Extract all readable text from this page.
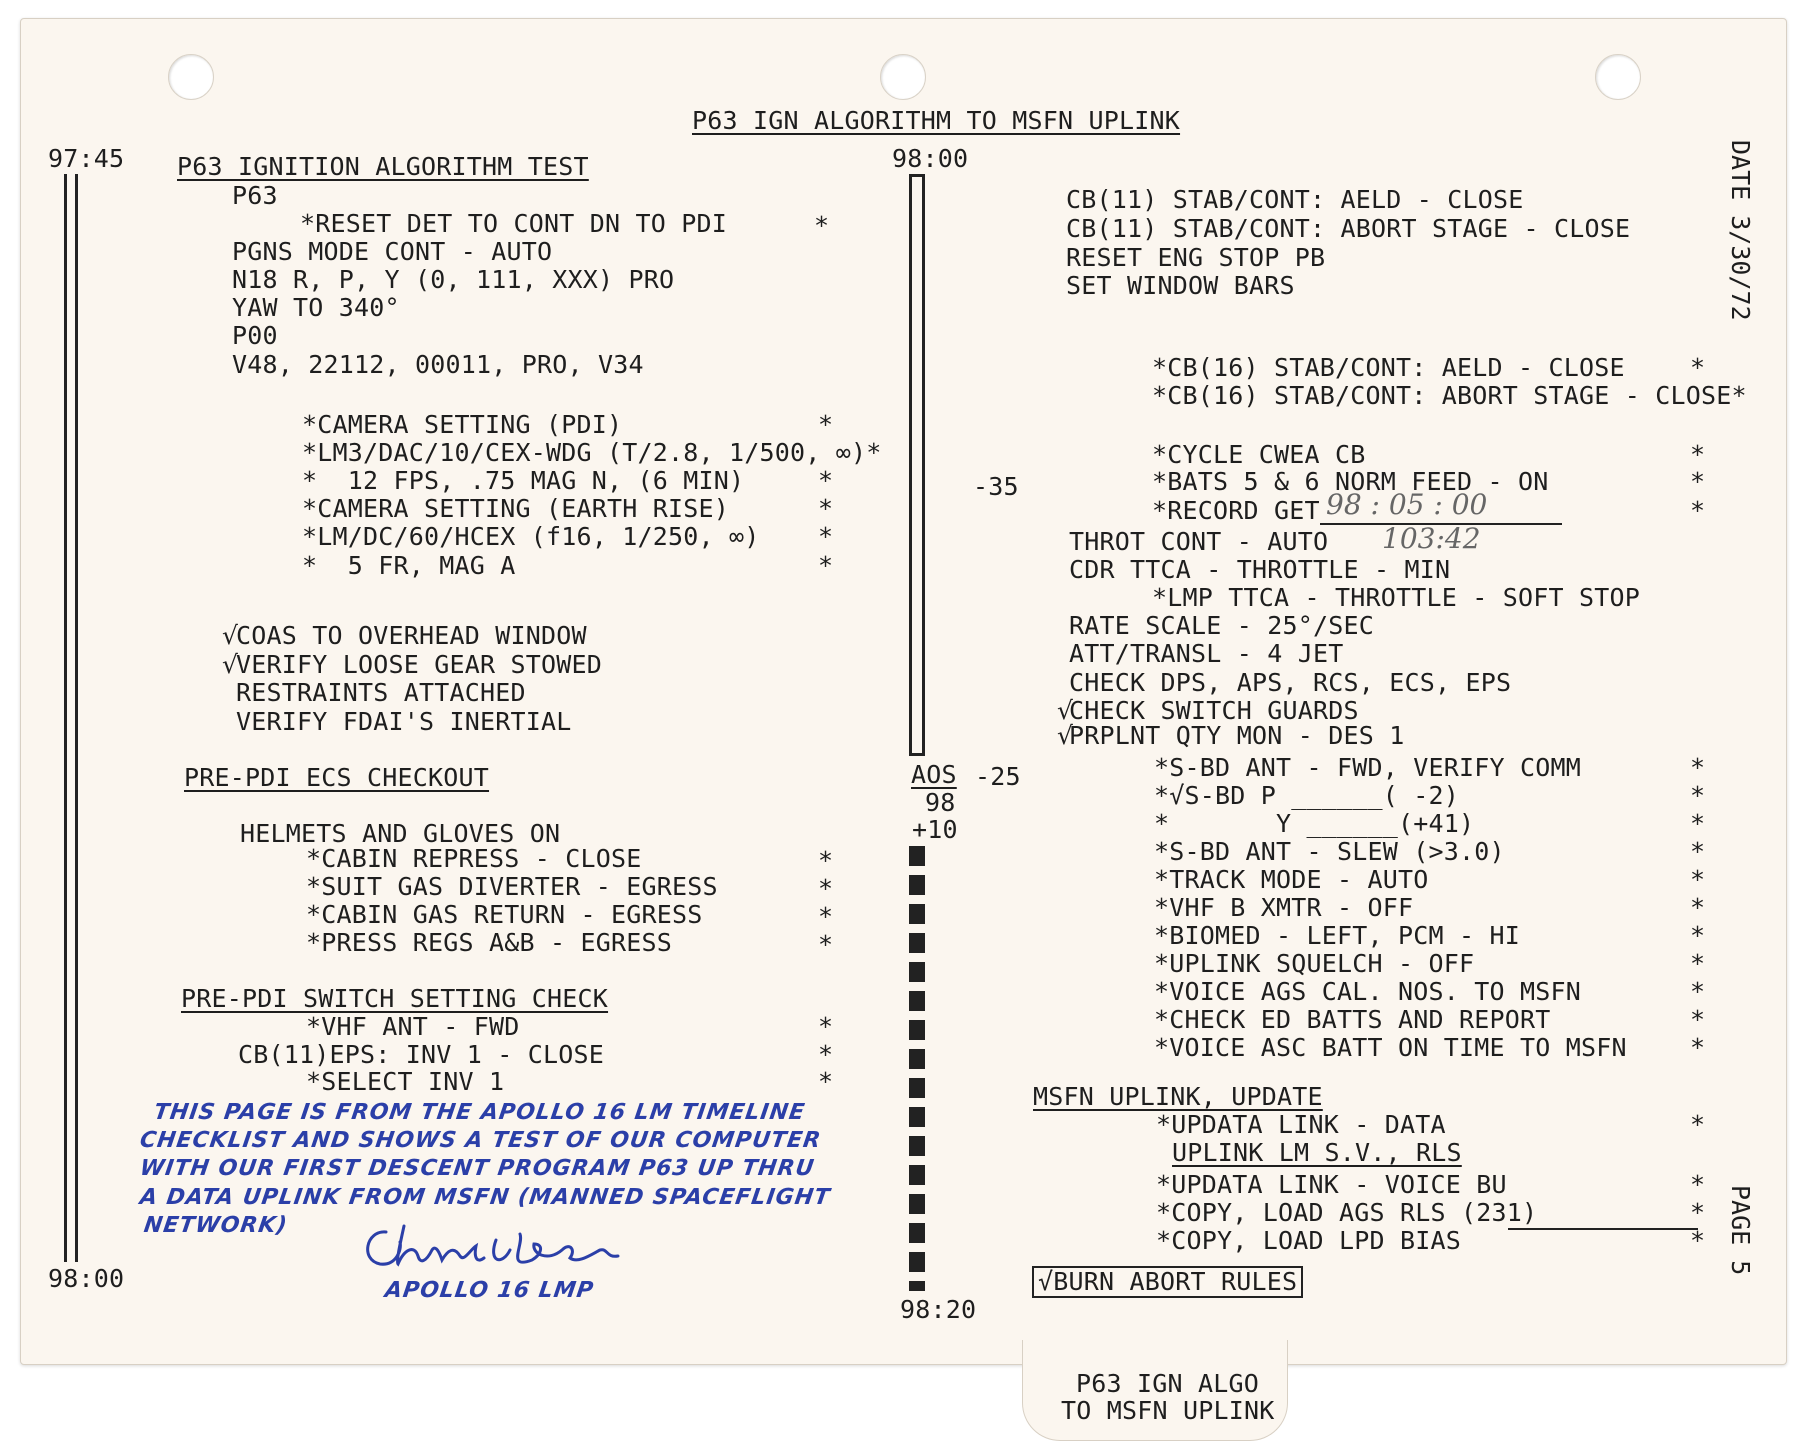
P63 IGN ALGORITHM TO MSFN UPLINK
DATE 3/30/72
PAGE 5
97:45
98:00
98:00
98:20
-35
-25
AOS
98
+10
P63 IGNITION ALGORITHM TEST
P63
*RESET DET TO CONT DN TO PDI	*
PGNS MODE CONT - AUTO
N18 R, P, Y (0, 111, XXX) PRO
YAW TO 340°
P00
V48, 22112, 00011, PRO, V34
*CAMERA SETTING (PDI)	*
*LM3/DAC/10/CEX-WDG (T/2.8, 1/500, ∞)*
*  12 FPS, .75 MAG N, (6 MIN)	*
*CAMERA SETTING (EARTH RISE)	*
*LM/DC/60/HCEX (f16, 1/250, ∞) *
*  5 FR, MAG A	*
√
COAS TO OVERHEAD WINDOW
√
VERIFY LOOSE GEAR STOWED
RESTRAINTS ATTACHED
VERIFY FDAI'S INERTIAL
PRE-PDI ECS CHECKOUT
HELMETS AND GLOVES ON
*CABIN REPRESS - CLOSE	*
*SUIT GAS DIVERTER - EGRESS	*
*CABIN GAS RETURN - EGRESS	*
*PRESS REGS A&B - EGRESS	*
PRE-PDI SWITCH SETTING CHECK
*VHF ANT - FWD	*
CB(11)EPS: INV 1 - CLOSE	*
*SELECT INV 1	*
CB(11) STAB/CONT: AELD - CLOSE
CB(11) STAB/CONT: ABORT STAGE - CLOSE
RESET ENG STOP PB
SET WINDOW BARS
*CB(16) STAB/CONT: AELD - CLOSE	*
*CB(16) STAB/CONT: ABORT STAGE - CLOSE*
*CYCLE CWEA CB	*
*BATS 5 & 6 NORM FEED - ON	*
*RECORD GET	*
98 : 05 : 00
103:42
THROT CONT - AUTO
CDR TTCA - THROTTLE - MIN
*LMP TTCA - THROTTLE - SOFT STOP
RATE SCALE - 25°/SEC
ATT/TRANSL - 4 JET
CHECK DPS, APS, RCS, ECS, EPS
√
CHECK SWITCH GUARDS
√
PRPLNT QTY MON - DES 1
*S-BD ANT - FWD, VERIFY COMM	*
*√S-BD P ______( -2)	*
*       Y ______(+41)	*
*S-BD ANT - SLEW (>3.0)	*
*TRACK MODE - AUTO	*
*VHF B XMTR - OFF	*
*BIOMED - LEFT, PCM - HI	*
*UPLINK SQUELCH - OFF	*
*VOICE AGS CAL. NOS. TO MSFN	*
*CHECK ED BATTS AND REPORT	*
*VOICE ASC BATT ON TIME TO MSFN	*
MSFN UPLINK, UPDATE
*UPDATA LINK - DATA	*
UPLINK LM S.V., RLS
*UPDATA LINK - VOICE BU	*
*COPY, LOAD AGS RLS (231)	*
*COPY, LOAD LPD BIAS	*
√BURN ABORT RULES
THIS PAGE IS FROM THE APOLLO 16 LM TIMELINE
CHECKLIST AND SHOWS A TEST OF OUR COMPUTER
WITH OUR FIRST DESCENT PROGRAM P63 UP THRU
A DATA UPLINK FROM MSFN (MANNED SPACEFLIGHT
NETWORK)
APOLLO 16 LMP
P63 IGN ALGO
TO MSFN UPLINK
